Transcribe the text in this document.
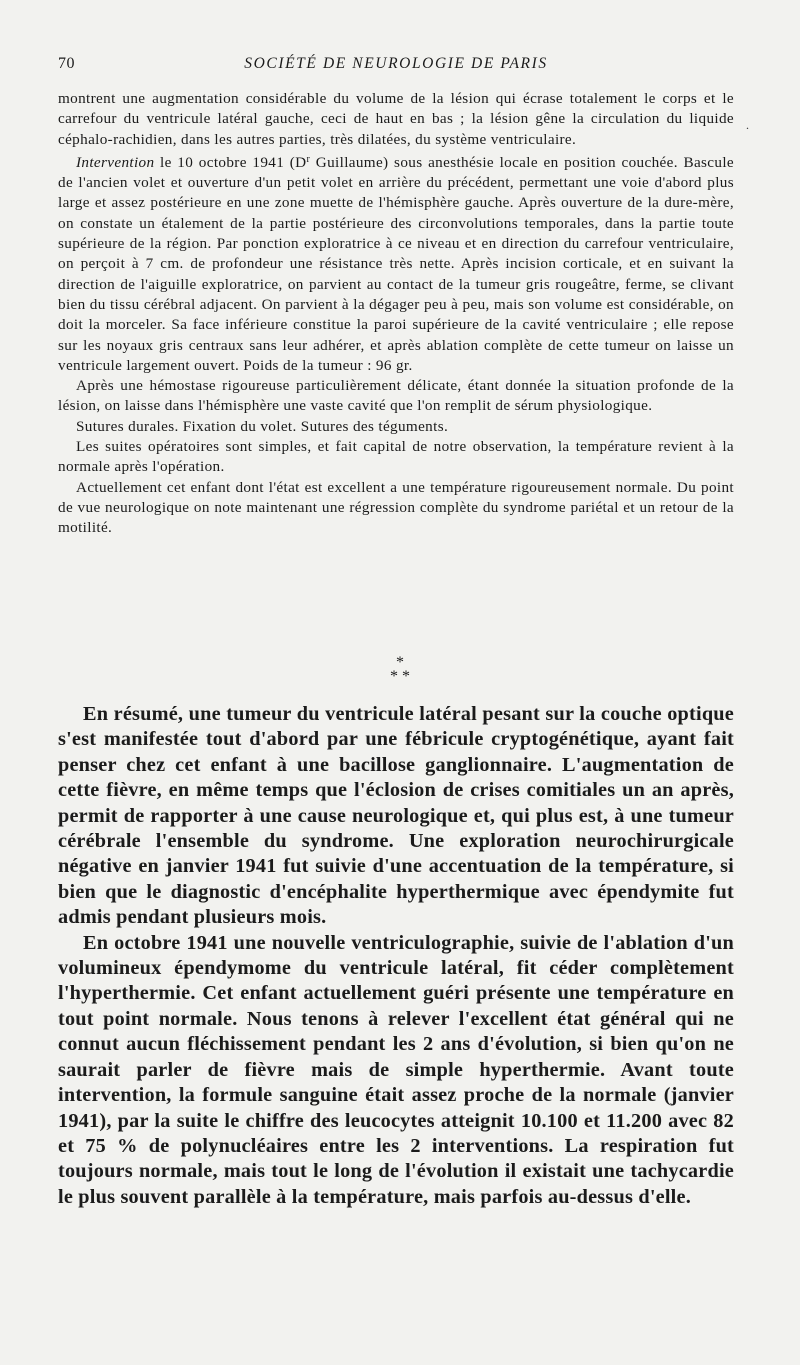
70	SOCIÉTÉ DE NEUROLOGIE DE PARIS
.

montrent une augmentation considérable du volume de la lésion qui écrase totalement le corps et le carrefour du ventricule latéral gauche, ceci de haut en bas ; la lésion gêne la circulation du liquide céphalo-rachidien, dans les autres parties, très dilatées, du système ventriculaire.

Intervention le 10 octobre 1941 ($D^r$ Guillaume) sous anesthésie locale en position couchée. Bascule de l'ancien volet et ouverture d'un petit volet en arrière du précédent, permettant une voie d'abord plus large et assez postérieure en une zone muette de l'hémisphère gauche. Après ouverture de la dure-mère, on constate un étalement de la partie postérieure des circonvolutions temporales, dans la partie toute supérieure de la région. Par ponction exploratrice à ce niveau et en direction du carrefour ventriculaire, on perçoit à 7 cm. de profondeur une résistance très nette. Après incision corticale, et en suivant la direction de l'aiguille exploratrice, on parvient au contact de la tumeur gris rougeâtre, ferme, se clivant bien du tissu cérébral adjacent. On parvient à la dégager peu à peu, mais son volume est considérable, on doit la morceler. Sa face inférieure constitue la paroi supérieure de la cavité ventriculaire ; elle repose sur les noyaux gris centraux sans leur adhérer, et après ablation complète de cette tumeur on laisse un ventricule largement ouvert. Poids de la tumeur : 96 gr.

Après une hémostase rigoureuse particulièrement délicate, étant donnée la situation profonde de la lésion, on laisse dans l'hémisphère une vaste cavité que l'on remplit de sérum physiologique.

Sutures durales. Fixation du volet. Sutures des téguments.

Les suites opératoires sont simples, et fait capital de notre observation, la température revient à la normale après l'opération.

Actuellement cet enfant dont l'état est excellent a une température rigoureusement normale. Du point de vue neurologique on note maintenant une régression complète du syndrome pariétal et un retour de la motilité.

*
* *

En résumé, une tumeur du ventricule latéral pesant sur la couche optique s'est manifestée tout d'abord par une fébricule cryptogénétique, ayant fait penser chez cet enfant à une bacillose ganglionnaire. L'augmentation de cette fièvre, en même temps que l'éclosion de crises comitiales un an après, permit de rapporter à une cause neurologique et, qui plus est, à une tumeur cérébrale l'ensemble du syndrome. Une exploration neurochirurgicale négative en janvier 1941 fut suivie d'une accentuation de la température, si bien que le diagnostic d'encéphalite hyperthermique avec épendymite fut admis pendant plusieurs mois.

En octobre 1941 une nouvelle ventriculographie, suivie de l'ablation d'un volumineux épendymome du ventricule latéral, fit céder complètement l'hyperthermie. Cet enfant actuellement guéri présente une température en tout point normale. Nous tenons à relever l'excellent état général qui ne connut aucun fléchissement pendant les 2 ans d'évolution, si bien qu'on ne saurait parler de fièvre mais de simple hyperthermie. Avant toute intervention, la formule sanguine était assez proche de la normale (janvier 1941), par la suite le chiffre des leucocytes atteignit 10.100 et 11.200 avec 82 et 75 % de polynucléaires entre les 2 interventions. La respiration fut toujours normale, mais tout le long de l'évolution il existait une tachycardie le plus souvent parallèle à la température, mais parfois au-dessus d'elle.
